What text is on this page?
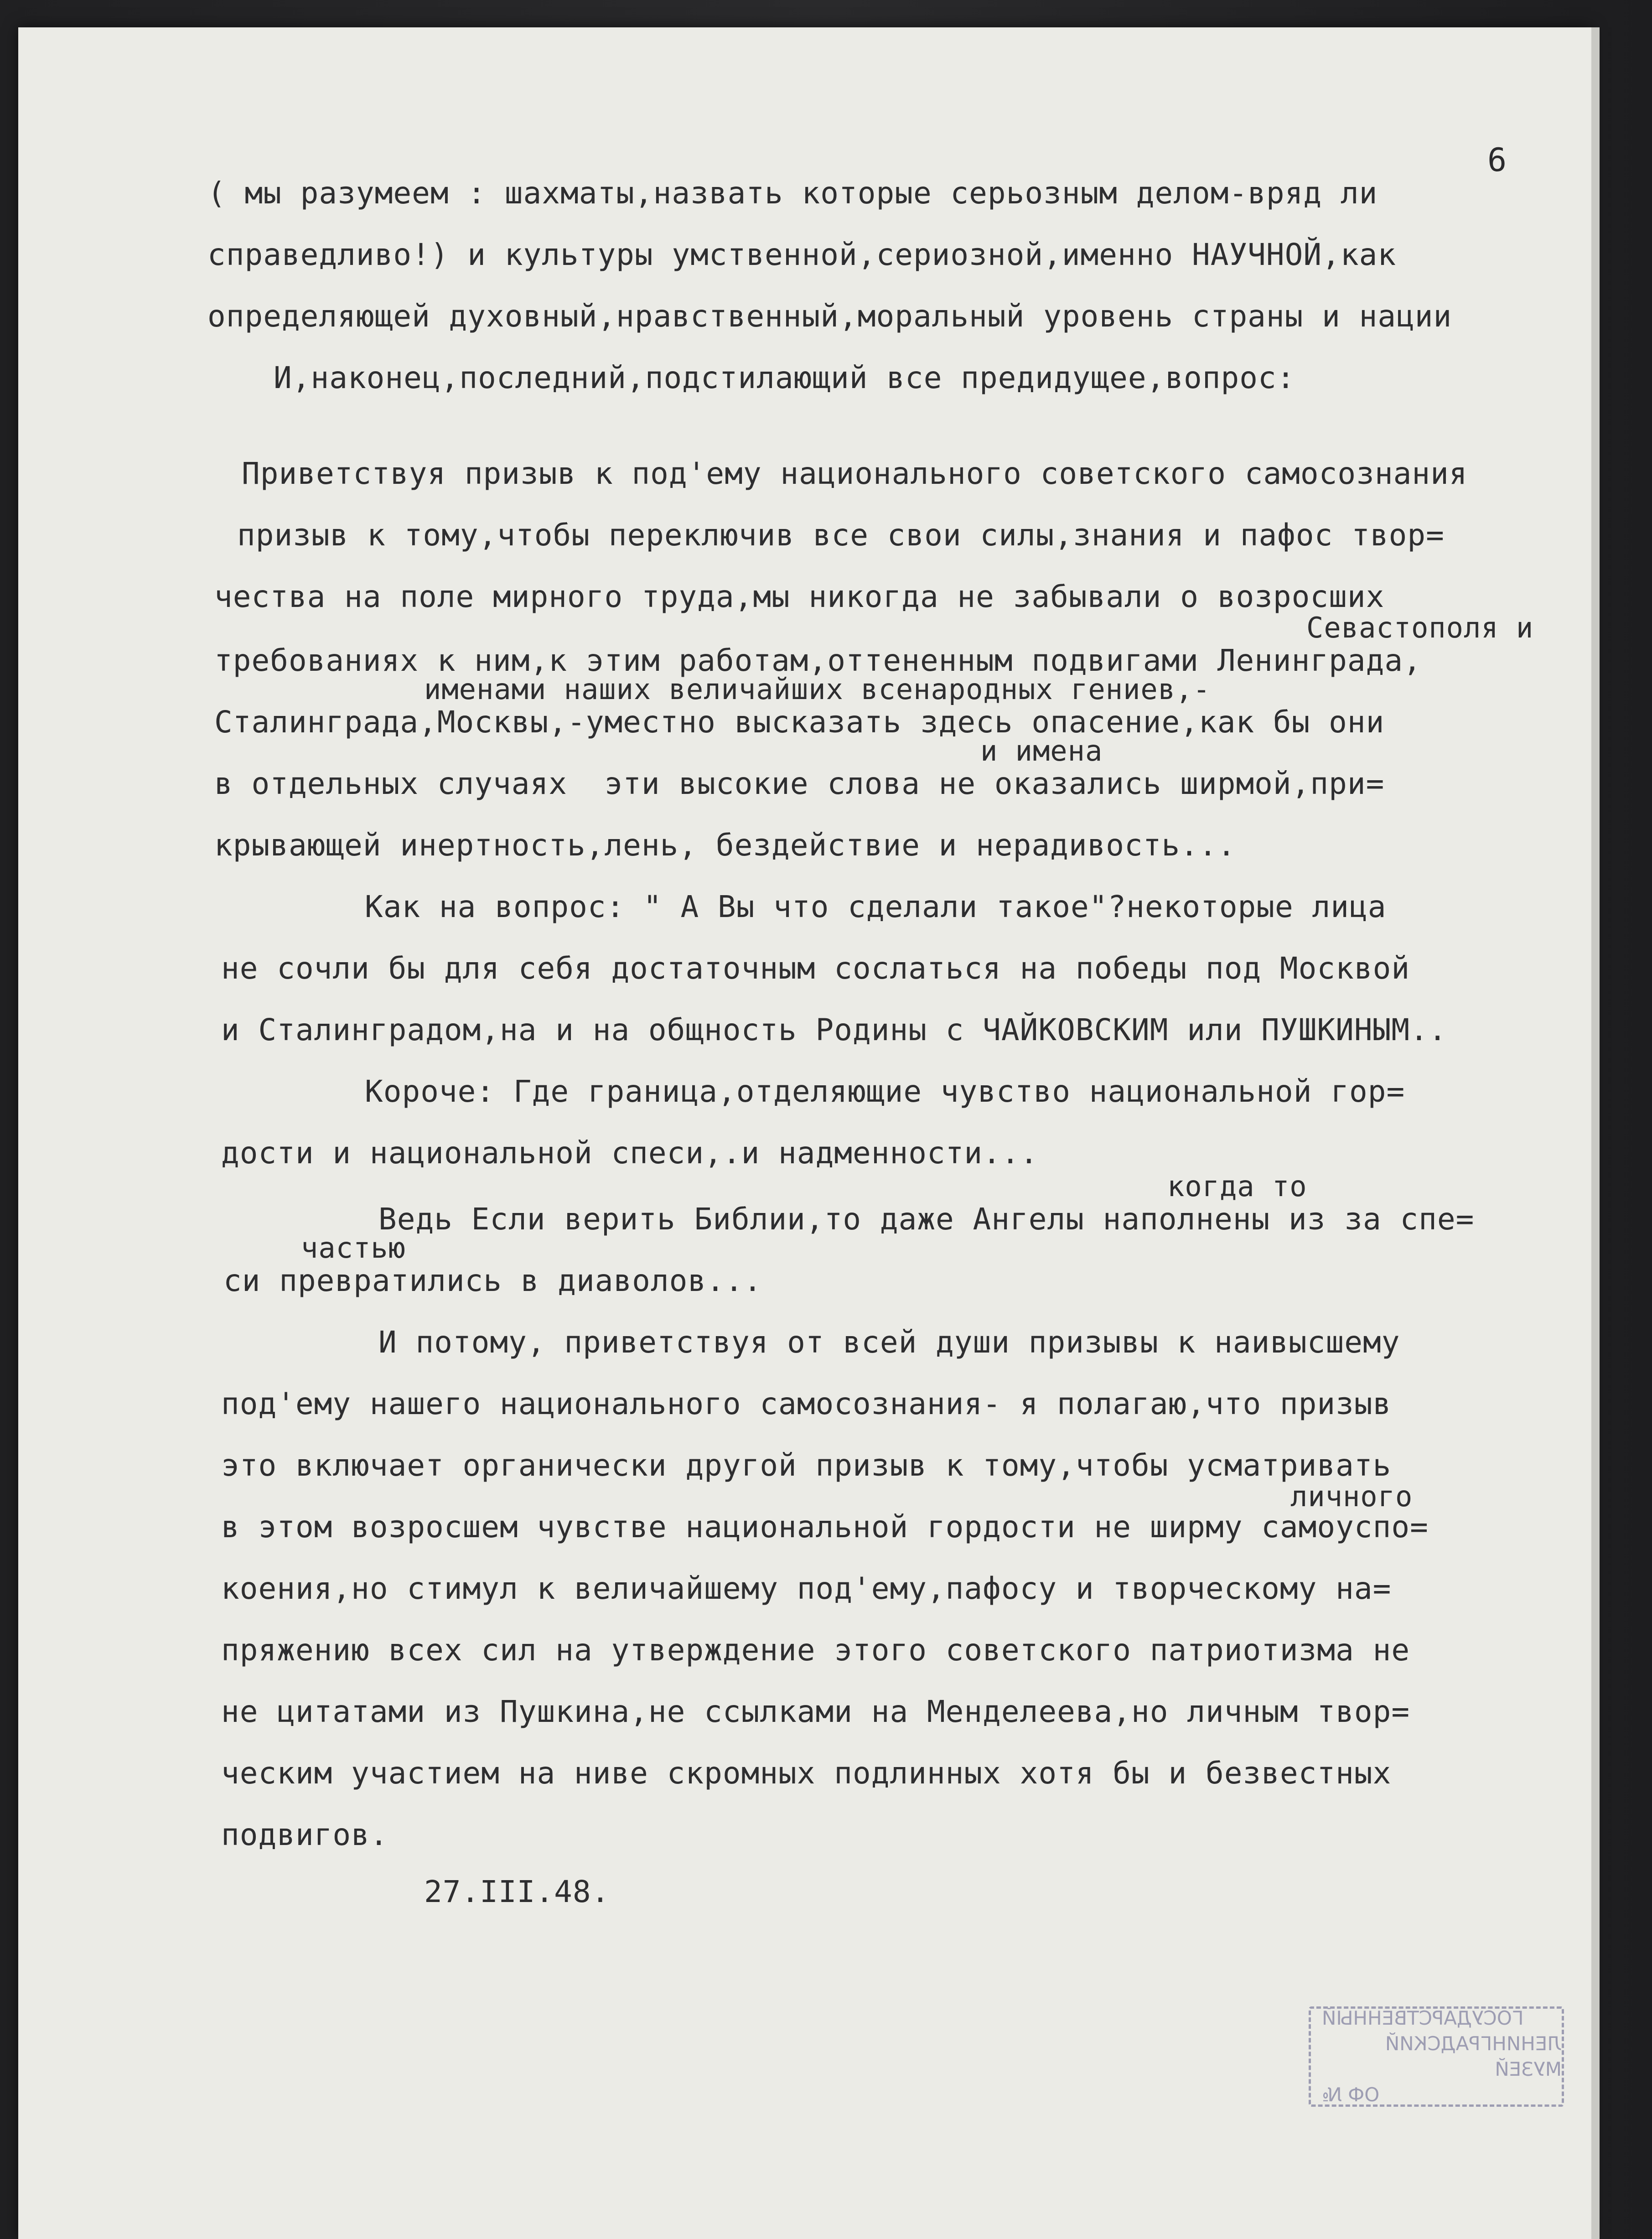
6
( мы разумеем : шахматы,назвать которые серьозным делом-вряд ли
справедливо!) и культуры умственной,сериозной,именно НАУЧНОЙ,как
определяющей духовный,нравственный,моральный уровень страны и нации
И,наконец,последний,подстилающий все предидущее,вопрос:
Приветствуя призыв к под'ему национального советского самосознания
призыв к тому,чтобы переключив все свои силы,знания и пафос твор=
чества на поле мирного труда,мы никогда не забывали о возросших
Севастополя и
требованиях к ним,к этим работам,оттененным подвигами Ленинграда,
именами наших величайших всенародных гениев,-
Сталинграда,Москвы,-уместно высказать здесь опасение,как бы они
и имена
в отдельных случаях  эти высокие слова не оказались ширмой,при=
крывающей инертность,лень, бездействие и нерадивость...
Как на вопрос: " А Вы что сделали такое"?некоторые лица
не сочли бы для себя достаточным сослаться на победы под Москвой
и Сталинградом,на и на общность Родины с ЧАЙКОВСКИМ или ПУШКИНЫМ..
Короче: Где граница,отделяющие чувство национальной гор=
дости и национальной спеси,.и надменности...
когда то
Ведь Если верить Библии,то даже Ангелы наполнены из за спе=
частью
си превратились в диаволов...
И потому, приветствуя от всей души призывы к наивысшему
под'ему нашего национального самосознания- я полагаю,что призыв
это включает органически другой призыв к тому,чтобы усматривать
личного
в этом возросшем чувстве национальной гордости не ширму самоуспо=
коения,но стимул к величайшему под'ему,пафосу и творческому на=
пряжению всех сил на утверждение этого советского патриотизма не
не цитатами из Пушкина,не ссылками на Менделеева,но личным твор=
ческим участием на ниве скромных подлинных хотя бы и безвестных
подвигов.
27.III.48.
ГОСУДАРСТВЕННЫЙ
ЛЕНИНГРАДСКИЙ МУЗЕЙ
ОФ №
